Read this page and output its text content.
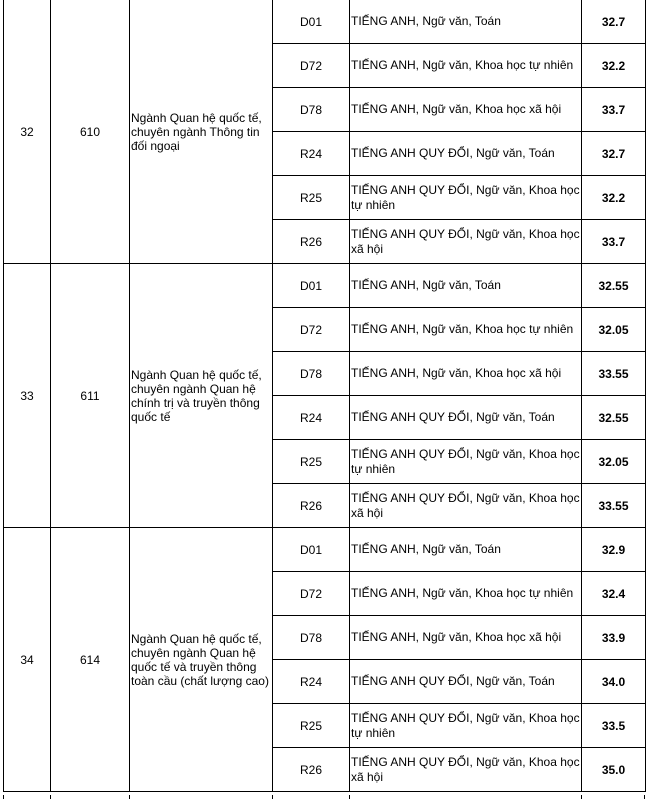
32	610	Ngành Quan hệ quốc tế, chuyên ngành Thông tin đối ngoại	D01	TIẾNG ANH, Ngữ văn, Toán	32.7
			D72	TIẾNG ANH, Ngữ văn, Khoa học tự nhiên	32.2
			D78	TIẾNG ANH, Ngữ văn, Khoa học xã hội	33.7
			R24	TIẾNG ANH QUY ĐỔI, Ngữ văn, Toán	32.7
			R25	TIẾNG ANH QUY ĐỔI, Ngữ văn, Khoa học tự nhiên	32.2
			R26	TIẾNG ANH QUY ĐỔI, Ngữ văn, Khoa học xã hội	33.7
33	611	Ngành Quan hệ quốc tế, chuyên ngành Quan hệ chính trị và truyền thông quốc tế	D01	TIẾNG ANH, Ngữ văn, Toán	32.55
			D72	TIẾNG ANH, Ngữ văn, Khoa học tự nhiên	32.05
			D78	TIẾNG ANH, Ngữ văn, Khoa học xã hội	33.55
			R24	TIẾNG ANH QUY ĐỔI, Ngữ văn, Toán	32.55
			R25	TIẾNG ANH QUY ĐỔI, Ngữ văn, Khoa học tự nhiên	32.05
			R26	TIẾNG ANH QUY ĐỔI, Ngữ văn, Khoa học xã hội	33.55
34	614	Ngành Quan hệ quốc tế, chuyên ngành Quan hệ quốc tế và truyền thông toàn cầu (chất lượng cao)	D01	TIẾNG ANH, Ngữ văn, Toán	32.9
			D72	TIẾNG ANH, Ngữ văn, Khoa học tự nhiên	32.4
			D78	TIẾNG ANH, Ngữ văn, Khoa học xã hội	33.9
			R24	TIẾNG ANH QUY ĐỔI, Ngữ văn, Toán	34.0
			R25	TIẾNG ANH QUY ĐỔI, Ngữ văn, Khoa học tự nhiên	33.5
			R26	TIẾNG ANH QUY ĐỔI, Ngữ văn, Khoa học xã hội	35.0
